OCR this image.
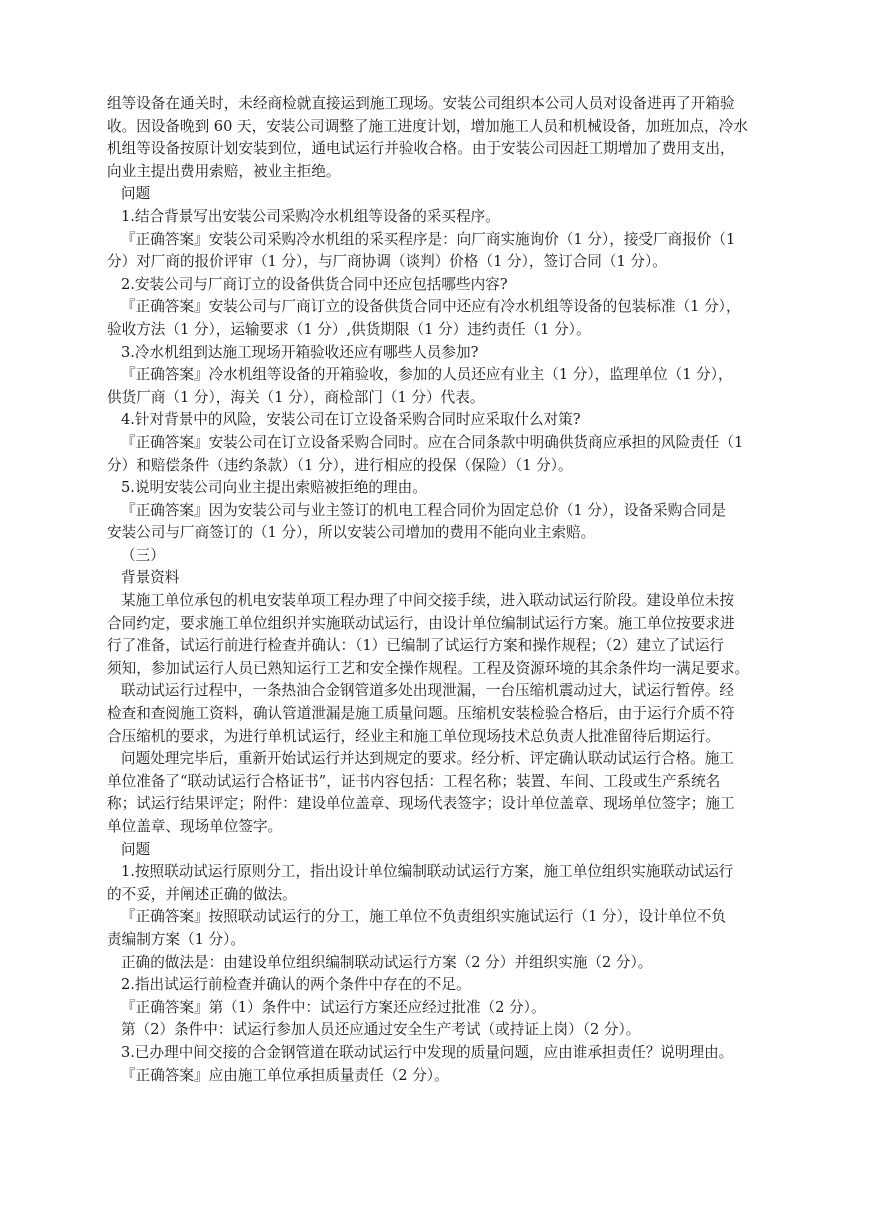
组等设备在通关时，未经商检就直接运到施工现场。安装公司组织本公司人员对设备进再了开箱验

收。因设备晚到 60 天，安装公司调整了施工进度计划，增加施工人员和机械设备，加班加点，冷水

机组等设备按原计划安装到位，通电试运行并验收合格。由于安装公司因赶工期增加了费用支出，

向业主提出费用索赔，被业主拒绝。

问题

1.结合背景写出安装公司采购冷水机组等设备的采买程序。

『正确答案』安装公司采购冷水机组的采买程序是：向厂商实施询价（1 分），接受厂商报价（1

分）对厂商的报价评审（1 分），与厂商协调（谈判）价格（1 分），签订合同（1 分）。

2.安装公司与厂商订立的设备供货合同中还应包括哪些内容?

『正确答案』安装公司与厂商订立的设备供货合同中还应有冷水机组等设备的包装标准（1 分），

验收方法（1 分），运输要求（1 分）,供货期限（1 分）违约责任（1 分）。

3.冷水机组到达施工现场开箱验收还应有哪些人员参加?

『正确答案』冷水机组等设备的开箱验收，参加的人员还应有业主（1 分），监理单位（1 分），

供货厂商（1 分），海关（1 分），商检部门（1 分）代表。

4.针对背景中的风险，安装公司在订立设备采购合同时应采取什么对策?

『正确答案』安装公司在订立设备采购合同时。应在合同条款中明确供货商应承担的风险责任（1

分）和赔偿条件（违约条款）（1 分），进行相应的投保（保险）（1 分）。

5.说明安装公司向业主提出索赔被拒绝的理由。

『正确答案』因为安装公司与业主签订的机电工程合同价为固定总价（1 分），设备采购合同是

安装公司与厂商签订的（1 分），所以安装公司增加的费用不能向业主索赔。

（三）

背景资料

某施工单位承包的机电安装单项工程办理了中间交接手续，进入联动试运行阶段。建设单位未按

合同约定，要求施工单位组织并实施联动试运行，由设计单位编制试运行方案。施工单位按要求进

行了准备，试运行前进行检查并确认：（1）已编制了试运行方案和操作规程；（2）建立了试运行

须知，参加试运行人员已熟知运行工艺和安全操作规程。工程及资源环境的其余条件均一满足要求。

联动试运行过程中，一条热油合金钢管道多处出现泄漏，一台压缩机震动过大，试运行暂停。经

检查和查阅施工资料，确认管道泄漏是施工质量问题。压缩机安装检验合格后，由于运行介质不符

合压缩机的要求，为进行单机试运行，经业主和施工单位现场技术总负责人批准留待后期运行。

问题处理完毕后，重新开始试运行并达到规定的要求。经分析、评定确认联动试运行合格。施工

单位准备了“联动试运行合格证书”，证书内容包括：工程名称；装置、车间、工段或生产系统名

称；试运行结果评定；附件：建设单位盖章、现场代表签字；设计单位盖章、现场单位签字；施工

单位盖章、现场单位签字。

问题

1.按照联动试运行原则分工，指出设计单位编制联动试运行方案，施工单位组织实施联动试运行

的不妥，并阐述正确的做法。

『正确答案』按照联动试运行的分工，施工单位不负责组织实施试运行（1 分），设计单位不负

责编制方案（1 分）。

正确的做法是：由建设单位组织编制联动试运行方案（2 分）并组织实施（2 分）。

2.指出试运行前检查并确认的两个条件中存在的不足。

『正确答案』第（1）条件中：试运行方案还应经过批准（2 分）。

第（2）条件中：试运行参加人员还应通过安全生产考试（或持证上岗）（2 分）。

3.已办理中间交接的合金钢管道在联动试运行中发现的质量问题，应由谁承担责任？说明理由。

『正确答案』应由施工单位承担质量责任（2 分）。
